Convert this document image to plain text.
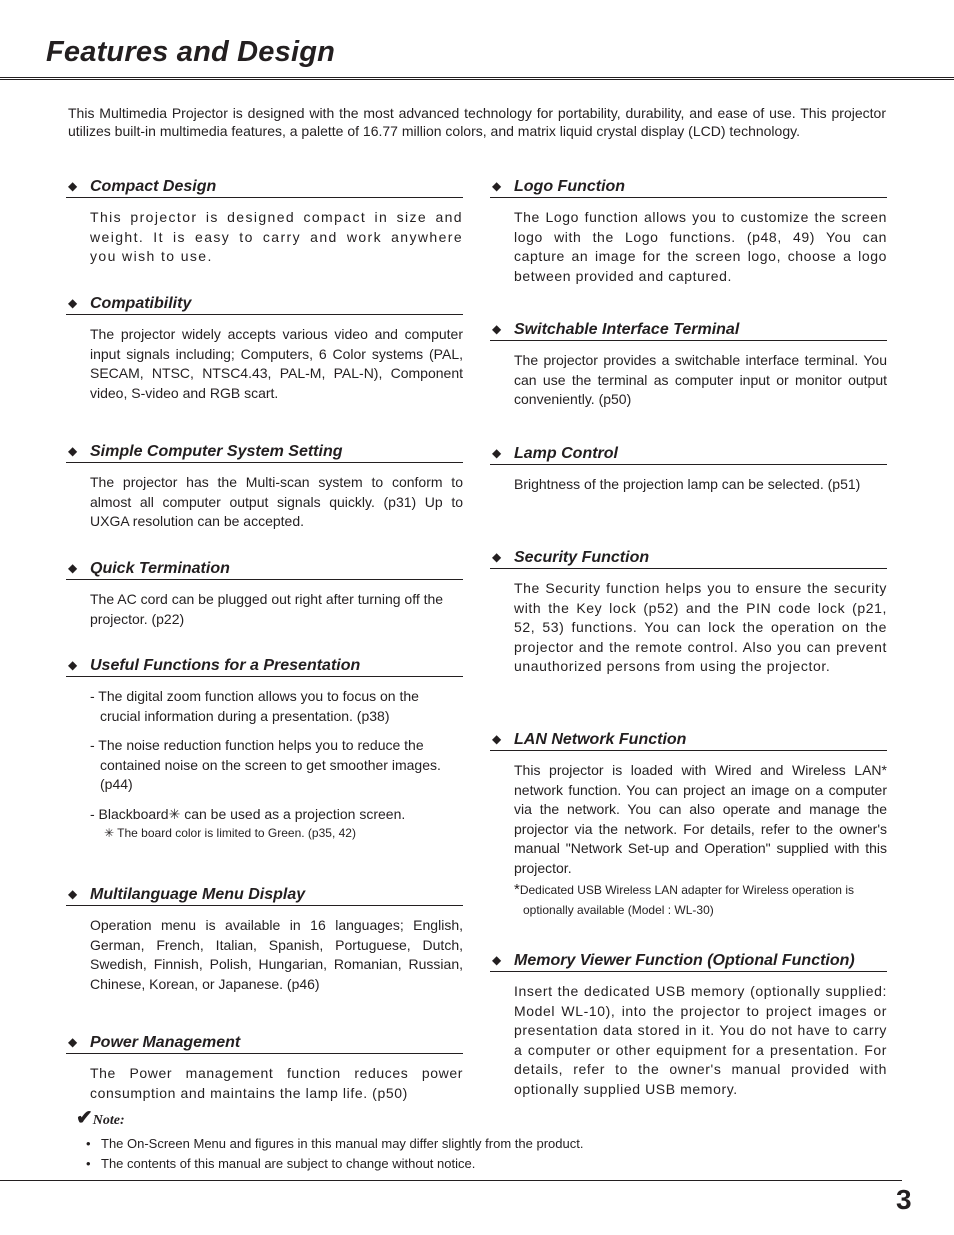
Features and Design

This Multimedia Projector is designed with the most advanced technology for portability, durability, and ease of use. This projector utilizes built-in multimedia features, a palette of 16.77 million colors, and matrix liquid crystal display (LCD) technology.

◆ Compact Design
This projector is designed compact in size and weight. It is easy to carry and work anywhere you wish to use.
◆ Compatibility
The projector widely accepts various video and computer input signals including; Computers, 6 Color systems (PAL, SECAM, NTSC, NTSC4.43, PAL-M, PAL-N), Component video, S-video and RGB scart.
◆ Simple Computer System Setting
The projector has the Multi-scan system to conform to almost all computer output signals quickly. (p31) Up to UXGA resolution can be accepted.
◆ Quick Termination
The AC cord can be plugged out right after turning off the projector. (p22)
◆ Useful Functions for a Presentation
- The digital zoom function allows you to focus on the crucial information during a presentation. (p38)
- The noise reduction function helps you to reduce the contained noise on the screen to get smoother images. (p44)
- Blackboard✳ can be used as a projection screen.
✳ The board color is limited to Green. (p35, 42)
◆ Multilanguage Menu Display
Operation menu is available in 16 languages; English, German, French, Italian, Spanish, Portuguese, Dutch, Swedish, Finnish, Polish, Hungarian, Romanian, Russian, Chinese, Korean, or Japanese. (p46)
◆ Power Management
The Power management function reduces power consumption and maintains the lamp life. (p50)
◆ Logo Function
The Logo function allows you to customize the screen logo with the Logo functions. (p48, 49) You can capture an image for the screen logo, choose a logo between provided and captured.
◆ Switchable Interface Terminal
The projector provides a switchable interface terminal. You can use the terminal as computer input or monitor output conveniently. (p50)
◆ Lamp Control
Brightness of the projection lamp can be selected. (p51)
◆ Security Function
The Security function helps you to ensure the security with the Key lock (p52) and the PIN code lock (p21, 52, 53) functions. You can lock the operation on the projector and the remote control. Also you can prevent unauthorized persons from using the projector.
◆ LAN Network Function
This projector is loaded with Wired and Wireless LAN* network function. You can project an image on a computer via the network. You can also operate and manage the projector via the network. For details, refer to the owner's manual "Network Set-up and Operation" supplied with this projector.
*Dedicated USB Wireless LAN adapter for Wireless operation is
optionally available (Model : WL-30)
◆ Memory Viewer Function (Optional Function)
Insert the dedicated USB memory (optionally supplied: Model WL-10), into the projector to project images or presentation data stored in it. You do not have to carry a computer or other equipment for a presentation. For details, refer to the owner's manual provided with optionally supplied USB memory.
✔Note:
• The On-Screen Menu and figures in this manual may differ slightly from the product.
• The contents of this manual are subject to change without notice.
3
